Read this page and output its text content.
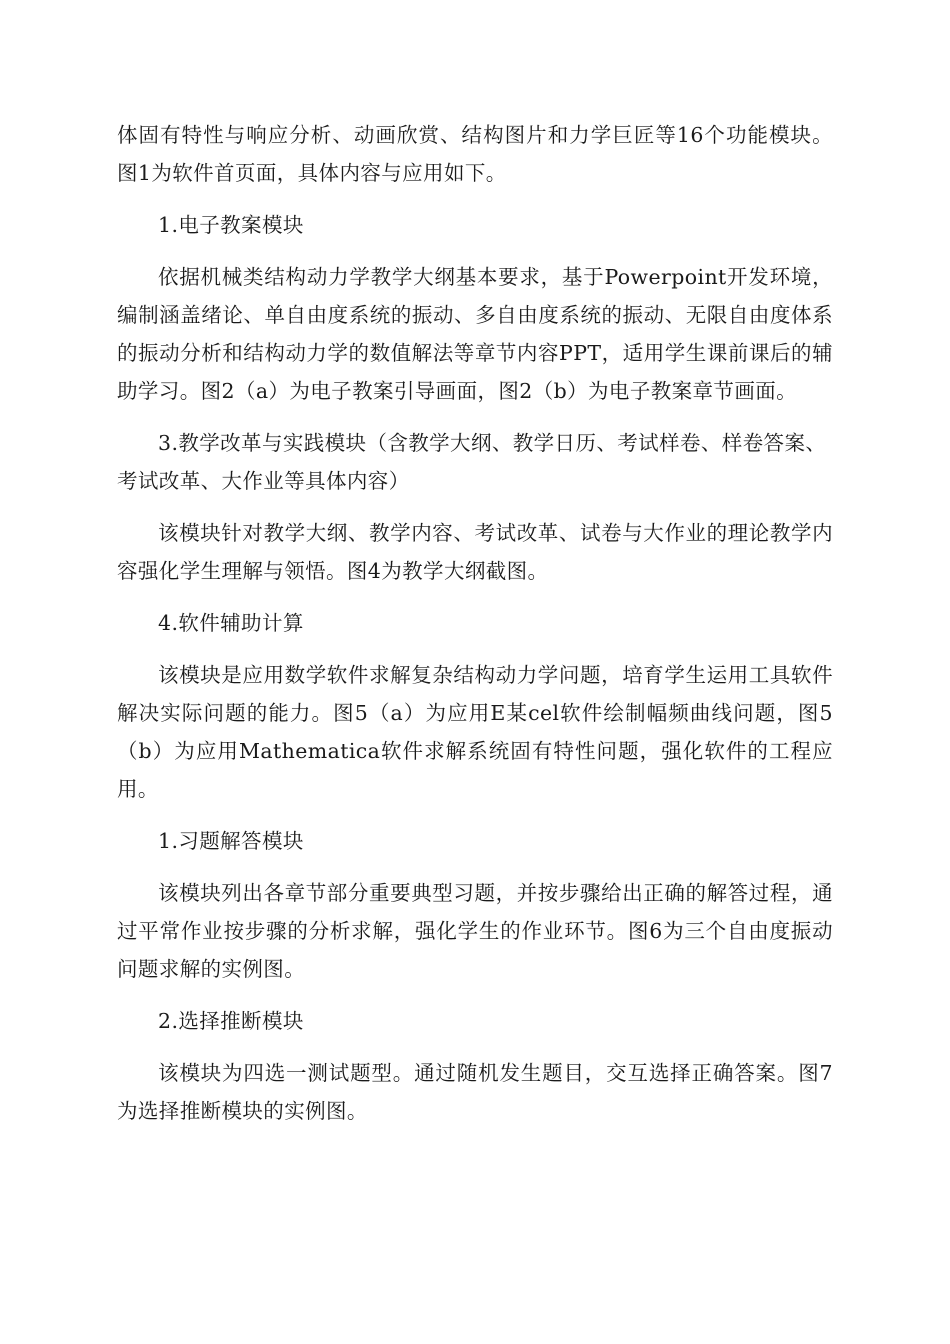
体固有特性与响应分析、动画欣赏、结构图片和力学巨匠等16个功能模块。图1为软件首页面，具体内容与应用如下。

1.电子教案模块

依据机械类结构动力学教学大纲基本要求，基于Powerpoint开发环境，编制涵盖绪论、单自由度系统的振动、多自由度系统的振动、无限自由度体系的振动分析和结构动力学的数值解法等章节内容PPT，适用学生课前课后的辅助学习。图2（a）为电子教案引导画面，图2（b）为电子教案章节画面。

3.教学改革与实践模块（含教学大纲、教学日历、考试样卷、样卷答案、考试改革、大作业等具体内容）

该模块针对教学大纲、教学内容、考试改革、试卷与大作业的理论教学内容强化学生理解与领悟。图4为教学大纲截图。

4.软件辅助计算

该模块是应用数学软件求解复杂结构动力学问题，培育学生运用工具软件解决实际问题的能力。图5（a）为应用E某cel软件绘制幅频曲线问题，图5（b）为应用Mathematica软件求解系统固有特性问题，强化软件的工程应用。

1.习题解答模块

该模块列出各章节部分重要典型习题，并按步骤给出正确的解答过程，通过平常作业按步骤的分析求解，强化学生的作业环节。图6为三个自由度振动问题求解的实例图。

2.选择推断模块

该模块为四选一测试题型。通过随机发生题目，交互选择正确答案。图7为选择推断模块的实例图。
